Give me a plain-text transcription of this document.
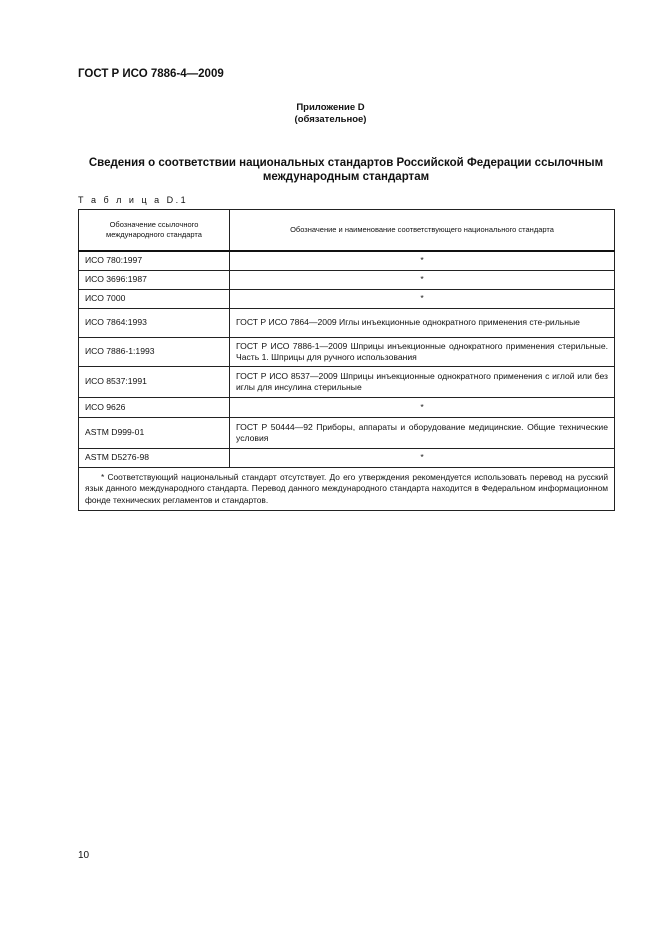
ГОСТ Р ИСО 7886-4—2009
Приложение D
(обязательное)
Сведения о соответствии национальных стандартов Российской Федерации ссылочным международным стандартам
Т а б л и ц а D.1
Обозначение ссылочного международного стандарта	Обозначение и наименование соответствующего национального стандарта
ИСО 780:1997	*
ИСО 3696:1987	*
ИСО 7000	*
ИСО 7864:1993	ГОСТ Р ИСО 7864—2009 Иглы инъекционные однократного применения сте-рильные
ИСО 7886-1:1993	ГОСТ Р ИСО 7886-1—2009 Шприцы инъекционные однократного применения стерильные. Часть 1. Шприцы для ручного использования
ИСО 8537:1991	ГОСТ Р ИСО 8537—2009 Шприцы инъекционные однократного применения с иглой или без иглы для инсулина стерильные
ИСО 9626	*
ASTM D999-01	ГОСТ Р 50444—92 Приборы, аппараты и оборудование медицинские. Общие технические условия
ASTM D5276-98	*
* Соответствующий национальный стандарт отсутствует. До его утверждения рекомендуется использовать перевод на русский язык данного международного стандарта. Перевод данного международного стандарта находится в Федеральном информационном фонде технических регламентов и стандартов.	
10
